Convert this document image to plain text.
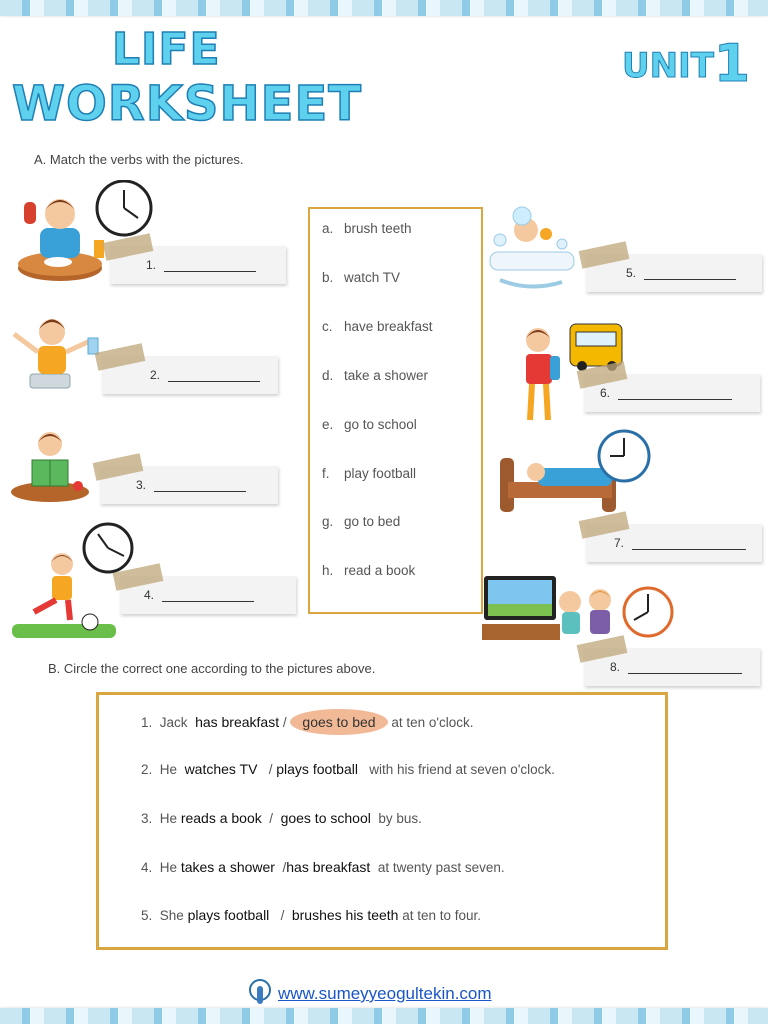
LIFE
WORKSHEET
UNIT1
A. Match the verbs with the pictures.
1.
2.
3.
4.
a. brush teeth
b. watch TV
c. have breakfast
d. take a shower
e. go to school
f. play football
g. go to bed
h. read a book
5.
6.
7.
8.
B. Circle the correct one according to the pictures above.
1. Jack has breakfast / goes to bed at ten o'clock.
2. He watches TV / plays football with his friend at seven o'clock.
3. He reads a book / goes to school by bus.
4. He takes a shower /has breakfast at twenty past seven.
5. She plays football / brushes his teeth at ten to four.
www.sumeyyeogultekin.com
